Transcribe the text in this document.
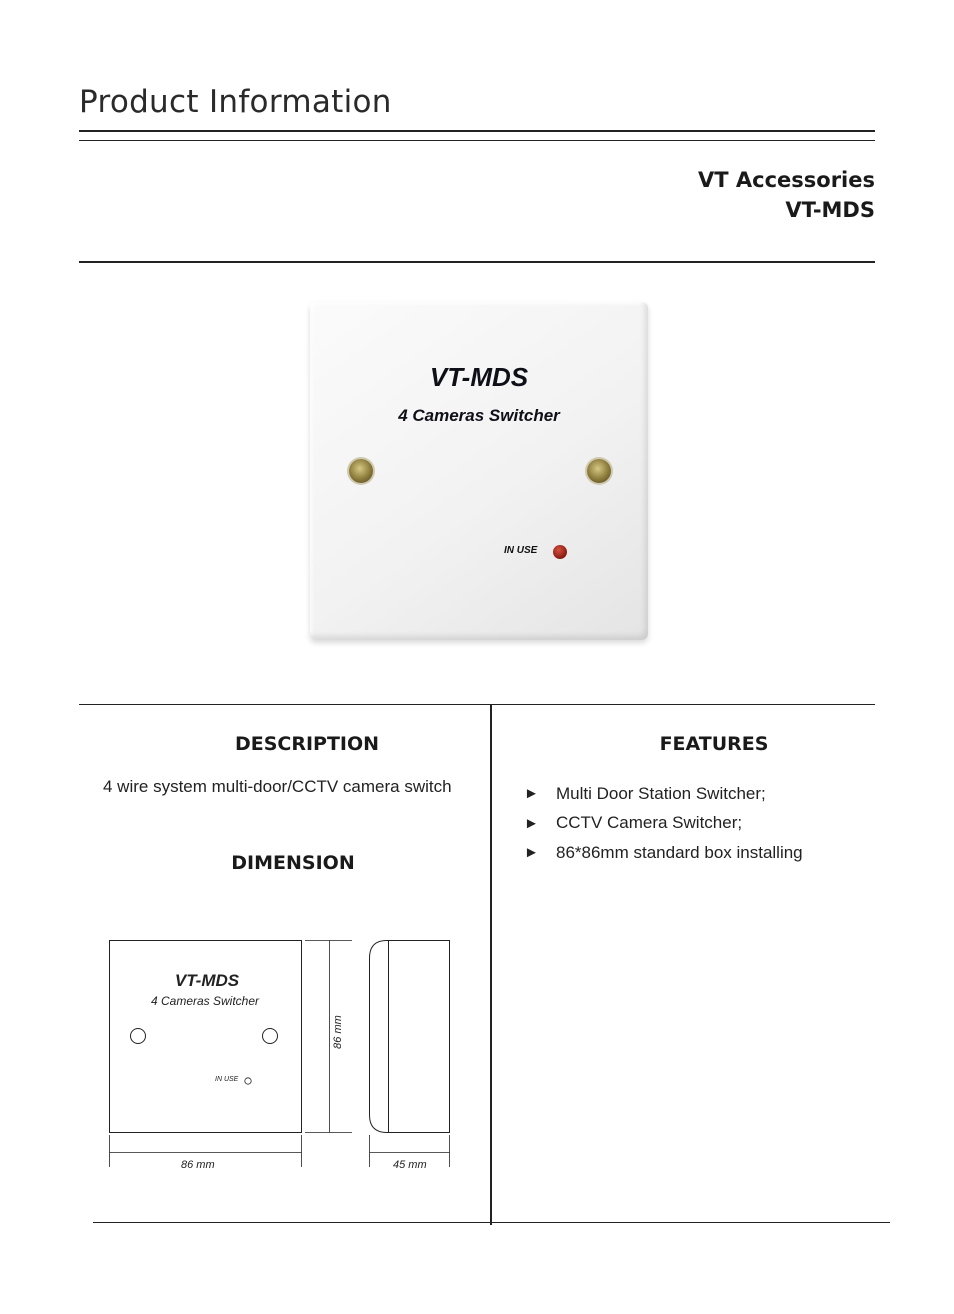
Product Information
VT Accessories
VT-MDS
VT-MDS
4 Cameras Switcher
IN USE
DESCRIPTION
4 wire system multi-door/CCTV camera switch
DIMENSION
VT-MDS
4 Cameras Switcher
IN USE
86 mm	45 mm
86 mm
FEATURES
►	Multi Door Station Switcher;
►	CCTV Camera Switcher;
►	86*86mm standard box installing
